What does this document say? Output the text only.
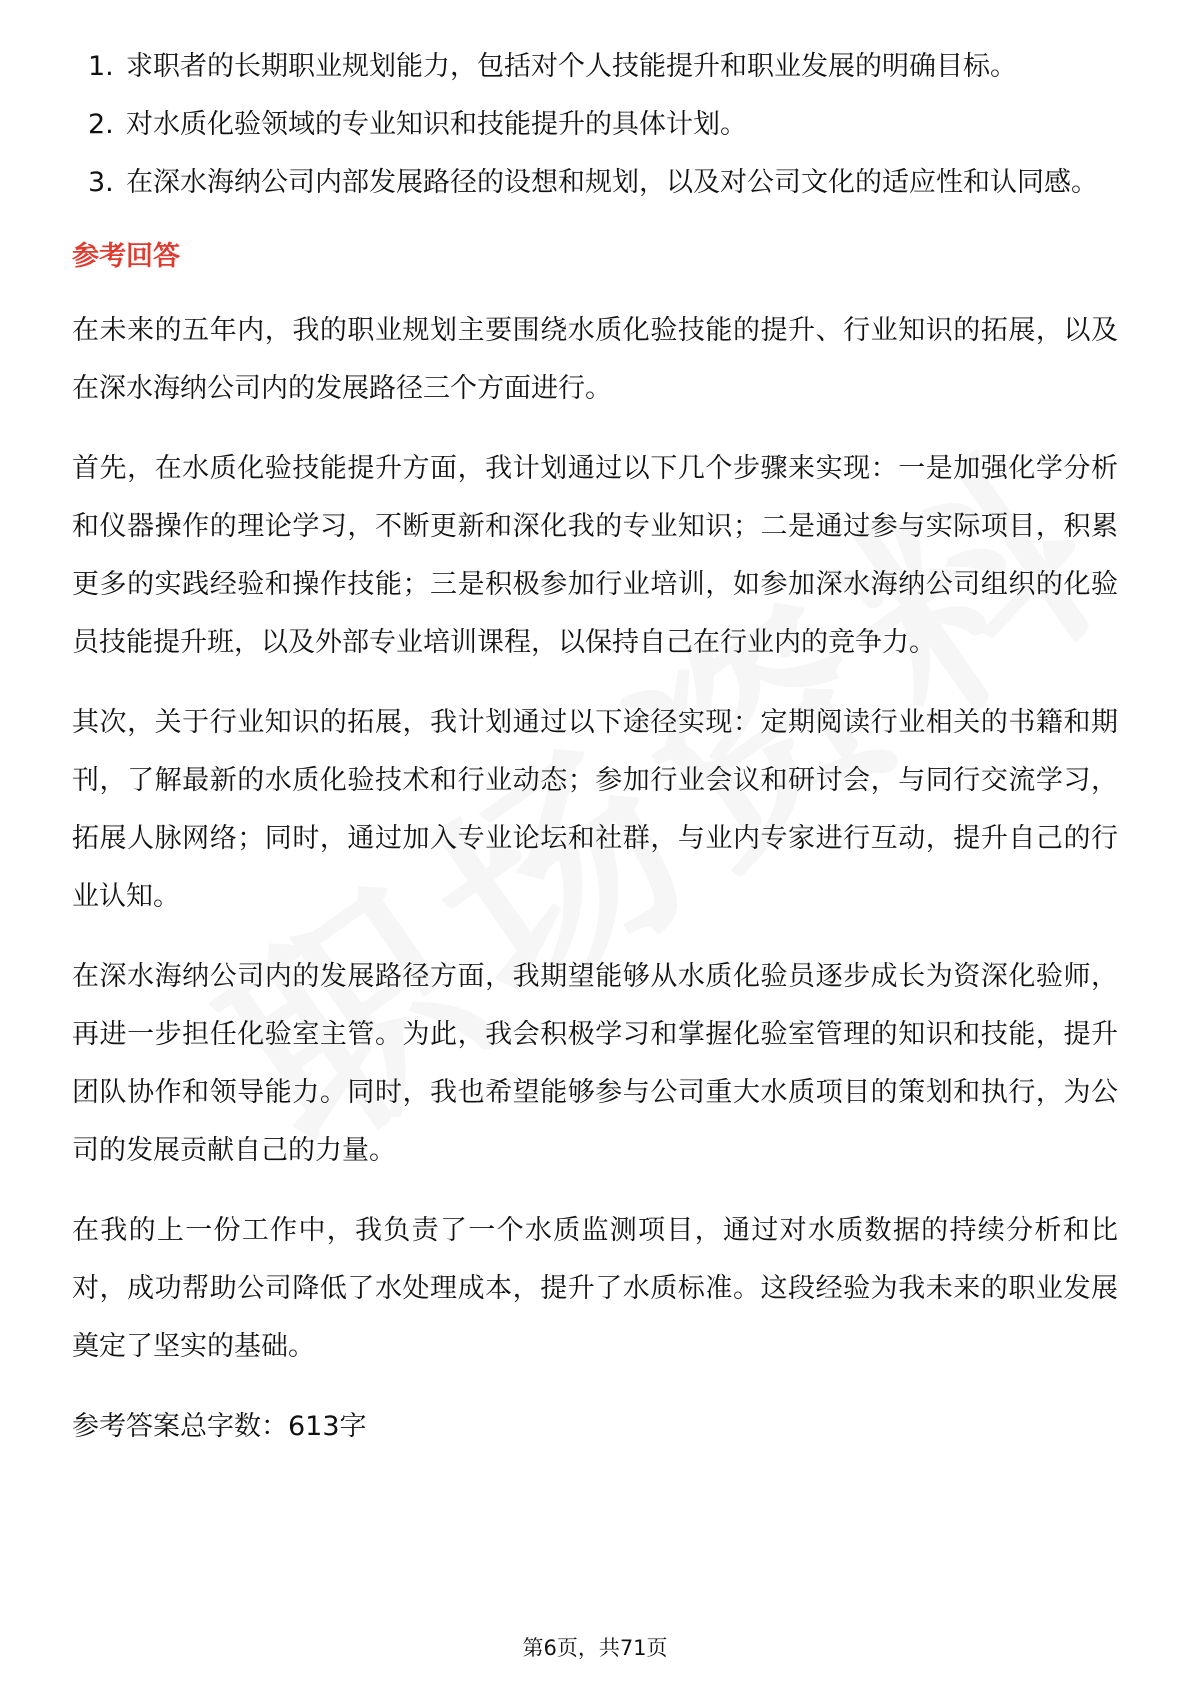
1. 求职者的长期职业规划能力，包括对个人技能提升和职业发展的明确目标。
2. 对水质化验领域的专业知识和技能提升的具体计划。
3. 在深水海纳公司内部发展路径的设想和规划，以及对公司文化的适应性和认同感。
参考回答

在未来的五年内，我的职业规划主要围绕水质化验技能的提升、行业知识的拓展，以及在深水海纳公司内的发展路径三个方面进行。

首先，在水质化验技能提升方面，我计划通过以下几个步骤来实现：一是加强化学分析和仪器操作的理论学习，不断更新和深化我的专业知识；二是通过参与实际项目，积累更多的实践经验和操作技能；三是积极参加行业培训，如参加深水海纳公司组织的化验员技能提升班，以及外部专业培训课程，以保持自己在行业内的竞争力。

其次，关于行业知识的拓展，我计划通过以下途径实现：定期阅读行业相关的书籍和期刊，了解最新的水质化验技术和行业动态；参加行业会议和研讨会，与同行交流学习，拓展人脉网络；同时，通过加入专业论坛和社群，与业内专家进行互动，提升自己的行业认知。

在深水海纳公司内的发展路径方面，我期望能够从水质化验员逐步成长为资深化验师，再进一步担任化验室主管。为此，我会积极学习和掌握化验室管理的知识和技能，提升团队协作和领导能力。同时，我也希望能够参与公司重大水质项目的策划和执行，为公司的发展贡献自己的力量。

在我的上一份工作中，我负责了一个水质监测项目，通过对水质数据的持续分析和比对，成功帮助公司降低了水处理成本，提升了水质标准。这段经验为我未来的职业发展奠定了坚实的基础。

参考答案总字数：613字

第6页，共71页
